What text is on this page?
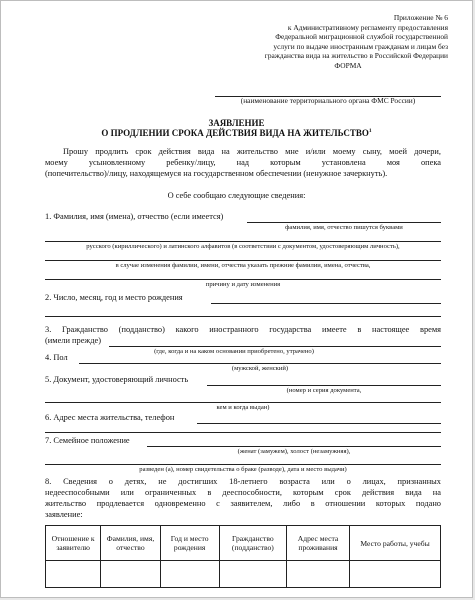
Приложение № 6
к Административному регламенту предоставления
Федеральной миграционной службой государственной
услуги по выдаче иностранным гражданам и лицам без
гражданства вида на жительство в Российской Федерации
ФОРМА
(наименование территориального органа ФМС России)
ЗАЯВЛЕНИЕ
О ПРОДЛЕНИИ СРОКА ДЕЙСТВИЯ ВИДА НА ЖИТЕЛЬСТВО$^1$
Прошу продлить срок действия вида на жительство мне и/или моему сыну, моей дочери,
моему усыновленному ребенку/лицу, над которым установлена моя опека
(попечительство)/лицу, находящемуся на государственном обеспечении (ненужное зачеркнуть).
О себе сообщаю следующие сведения:
1. Фамилия, имя (имена), отчество (если имеется)
фамилия, имя, отчество пишутся буквами
русского (кириллического) и латинского алфавитов (в соответствии с документом, удостоверяющим личность),
в случае изменения фамилии, имени, отчества указать прежние фамилии, имена, отчества,
причину и дату изменения
2. Число, месяц, год и место рождения
3. Гражданство (подданство) какого иностранного государства имеете в настоящее время
(имели прежде)
(где, когда и на каком основании приобретено, утрачено)
4. Пол
(мужской, женский)
5. Документ, удостоверяющий личность
(номер и серия документа,
кем и когда выдан)
6. Адрес места жительства, телефон
7. Семейное положение
(женат (замужем), холост (незамужняя),
разведен (а), номер свидетельства о браке (разводе), дата и место выдачи)
8. Сведения о детях, не достигших 18-летнего возраста или о лицах, признанных
недееспособными или ограниченных в дееспособности, которым срок действия вида на
жительство продлевается одновременно с заявителем, либо в отношении которых подано
заявление:
Отношение к заявителю	Фамилия, имя, отчество	Год и место рождения	Гражданство (подданство)	Адрес места проживания	Место работы, учебы
